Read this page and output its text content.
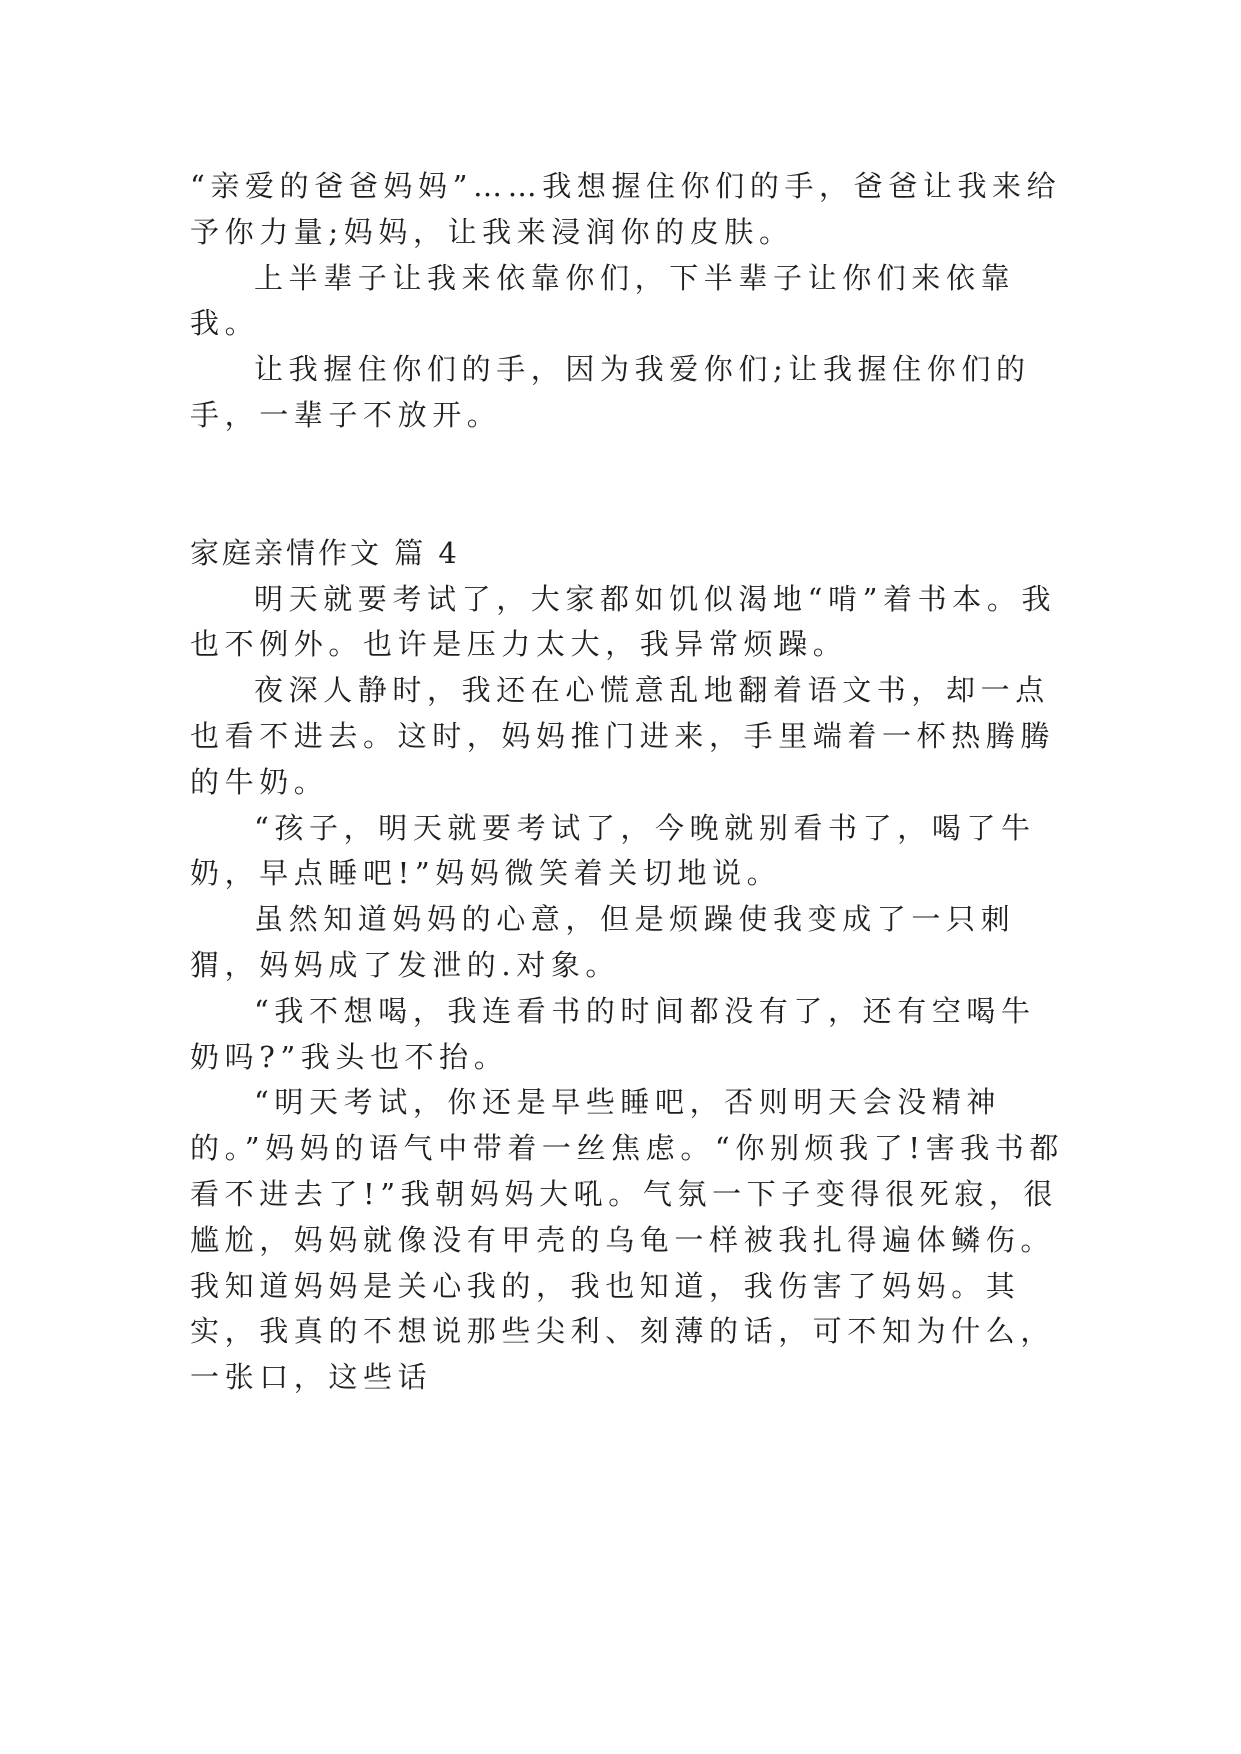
“亲爱的爸爸妈妈”……我想握住你们的手，爸爸让我来给予你力量;妈妈，让我来浸润你的皮肤。

上半辈子让我来依靠你们，下半辈子让你们来依靠我。

让我握住你们的手，因为我爱你们;让我握住你们的手，一辈子不放开。

家庭亲情作文 篇 4

明天就要考试了，大家都如饥似渴地“啃”着书本。我也不例外。也许是压力太大，我异常烦躁。

夜深人静时，我还在心慌意乱地翻着语文书，却一点也看不进去。这时，妈妈推门进来，手里端着一杯热腾腾的牛奶。

“孩子，明天就要考试了，今晚就别看书了，喝了牛奶，早点睡吧!”妈妈微笑着关切地说。

虽然知道妈妈的心意，但是烦躁使我变成了一只刺猬，妈妈成了发泄的.对象。

“我不想喝，我连看书的时间都没有了，还有空喝牛奶吗?”我头也不抬。

“明天考试，你还是早些睡吧，否则明天会没精神的。”妈妈的语气中带着一丝焦虑。“你别烦我了!害我书都看不进去了!”我朝妈妈大吼。气氛一下子变得很死寂，很尴尬，妈妈就像没有甲壳的乌龟一样被我扎得遍体鳞伤。我知道妈妈是关心我的，我也知道，我伤害了妈妈。其实，我真的不想说那些尖利、刻薄的话，可不知为什么，一张口，这些话
